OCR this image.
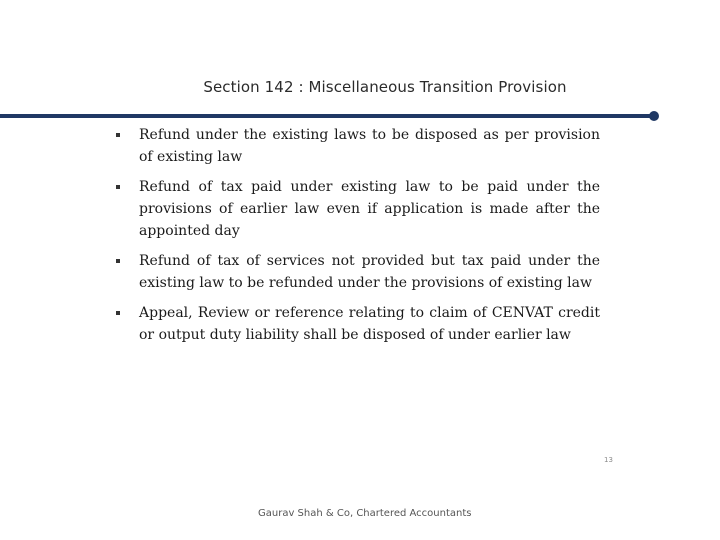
Section 142 : Miscellaneous Transition Provision
Refund under the existing laws to be disposed as per provision of existing law
Refund of tax paid under existing law to be paid under the provisions of earlier law even if application is made after the appointed day
Refund of tax of services not provided but tax paid under the existing law to be refunded under the provisions of existing law
Appeal, Review or reference relating to claim of CENVAT credit or output duty liability shall be disposed of under earlier law
13
Gaurav Shah & Co, Chartered Accountants
